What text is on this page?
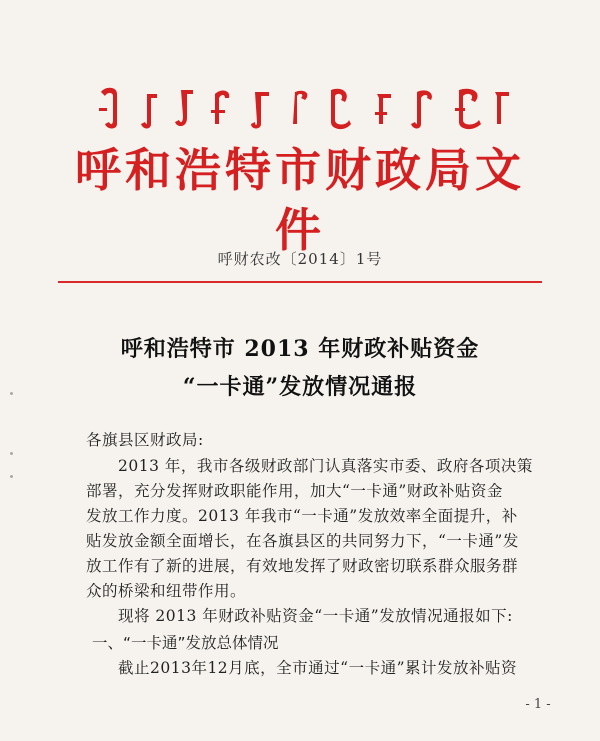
呼和浩特市财政局文件
呼财农改〔2014〕1号
呼和浩特市 2013 年财政补贴资金
“一卡通”发放情况通报
各旗县区财政局:
2013 年，我市各级财政部门认真落实市委、政府各项决策
部署，充分发挥财政职能作用，加大“一卡通”财政补贴资金
发放工作力度。2013 年我市“一卡通”发放效率全面提升，补
贴发放金额全面增长，在各旗县区的共同努力下，“一卡通”发
放工作有了新的进展，有效地发挥了财政密切联系群众服务群
众的桥梁和纽带作用。
现将 2013 年财政补贴资金“一卡通”发放情况通报如下:
一、“一卡通”发放总体情况
截止2013年12月底，全市通过“一卡通”累计发放补贴资
- 1 -
